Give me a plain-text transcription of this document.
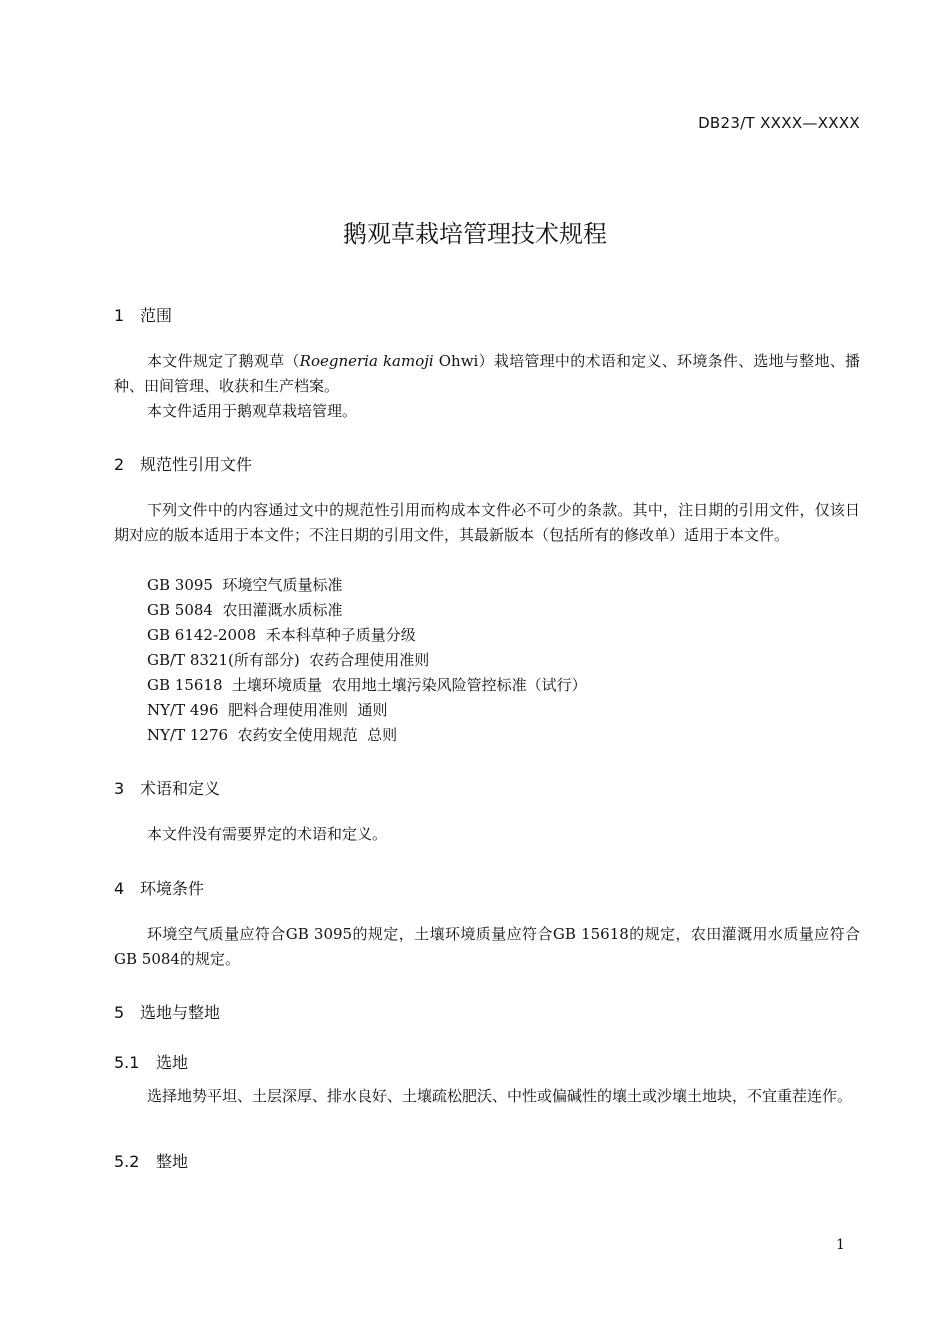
DB23/T XXXX—XXXX
鹅观草栽培管理技术规程
1 范围
本文件规定了鹅观草（Roegneria kamoji Ohwi）栽培管理中的术语和定义、环境条件、选地与整地、播种、田间管理、收获和生产档案。
本文件适用于鹅观草栽培管理。
2 规范性引用文件
下列文件中的内容通过文中的规范性引用而构成本文件必不可少的条款。其中，注日期的引用文件，仅该日期对应的版本适用于本文件；不注日期的引用文件，其最新版本（包括所有的修改单）适用于本文件。
GB 3095  环境空气质量标准
GB 5084  农田灌溉水质标准
GB 6142-2008  禾本科草种子质量分级
GB/T 8321(所有部分)  农药合理使用准则
GB 15618  土壤环境质量  农用地土壤污染风险管控标准（试行）
NY/T 496  肥料合理使用准则  通则
NY/T 1276  农药安全使用规范  总则
3 术语和定义
本文件没有需要界定的术语和定义。
4 环境条件
环境空气质量应符合GB 3095的规定，土壤环境质量应符合GB 15618的规定，农田灌溉用水质量应符合GB 5084的规定。
5 选地与整地
5.1 选地
选择地势平坦、土层深厚、排水良好、土壤疏松肥沃、中性或偏碱性的壤土或沙壤土地块，不宜重茬连作。
5.2 整地
1
